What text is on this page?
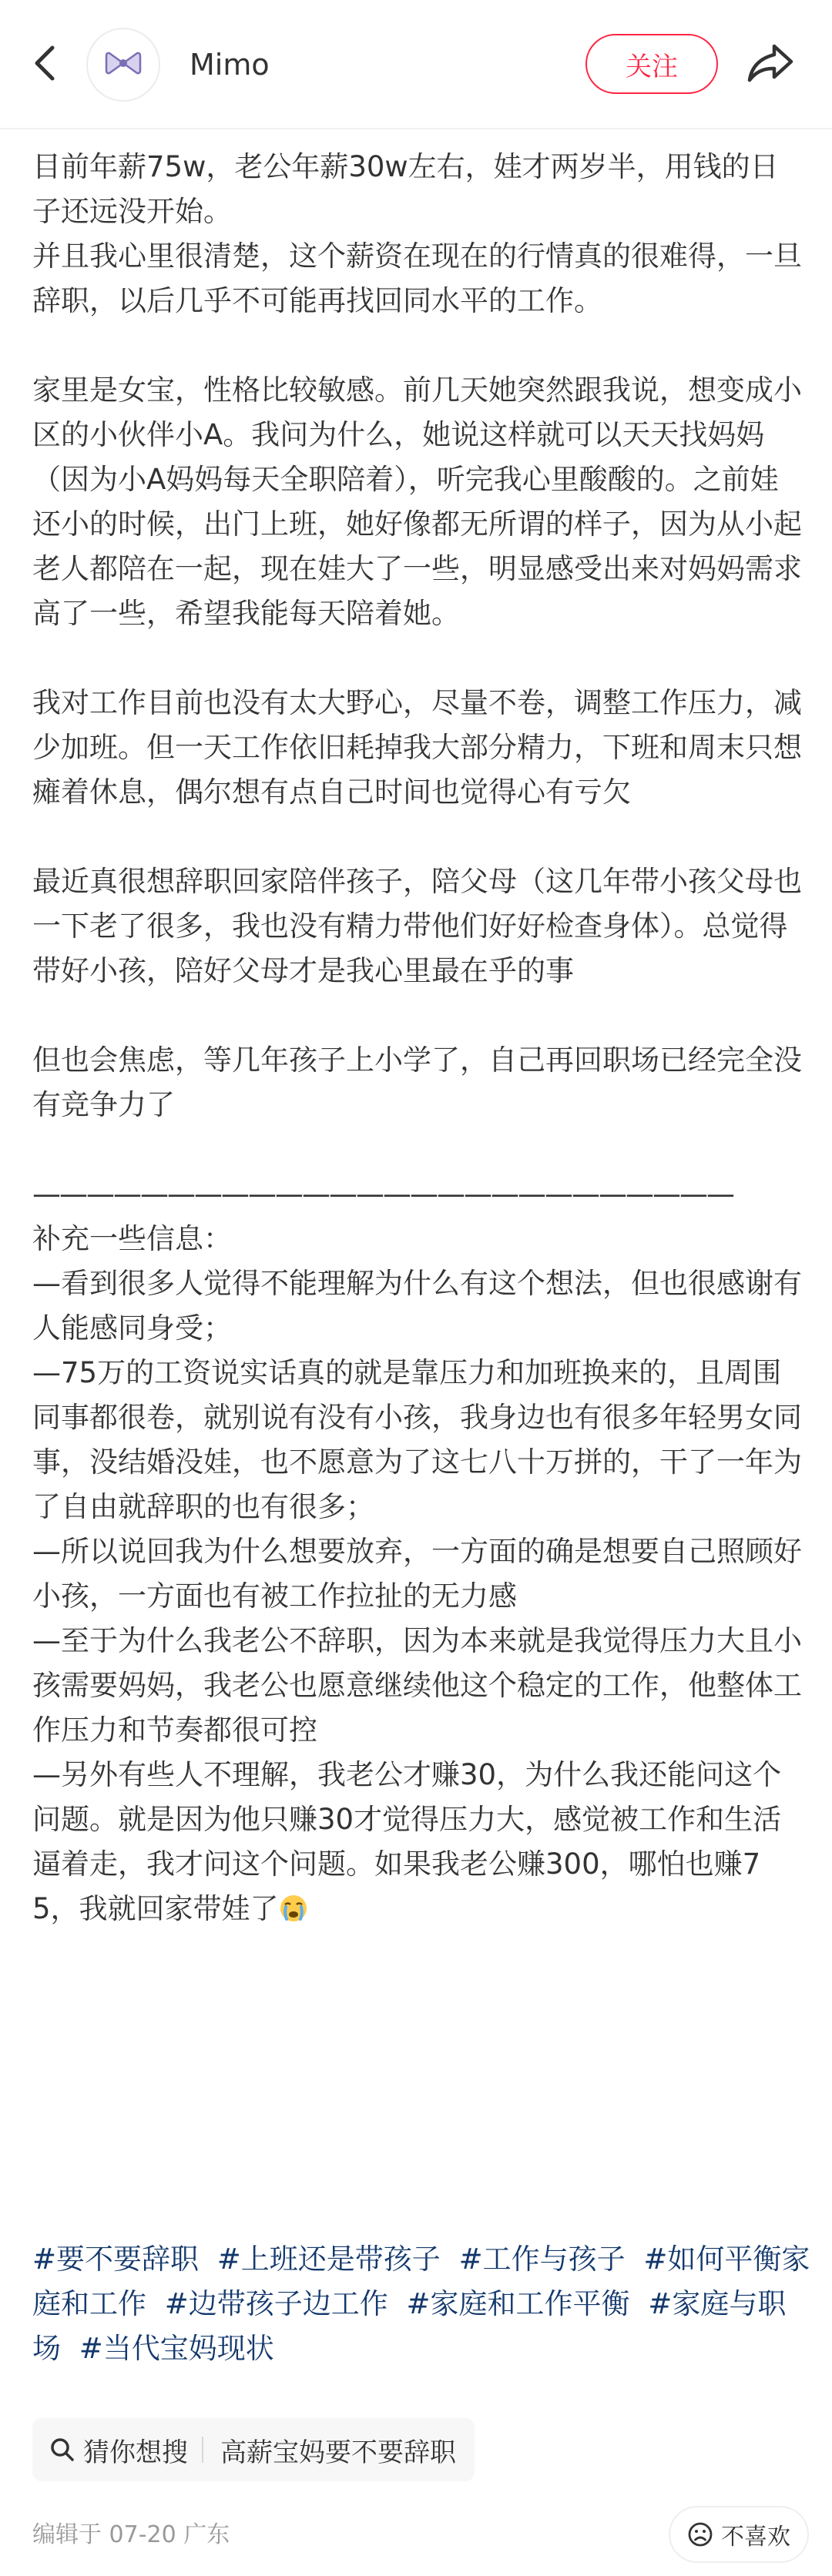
Mimo	关注

目前年薪75w，老公年薪30w左右，娃才两岁半，用钱的日子还远没开始。

并且我心里很清楚，这个薪资在现在的行情真的很难得，一旦辞职，以后几乎不可能再找回同水平的工作。

家里是女宝，性格比较敏感。前几天她突然跟我说，想变成小区的小伙伴小A。我问为什么，她说这样就可以天天找妈妈（因为小A妈妈每天全职陪着），听完我心里酸酸的。之前娃还小的时候，出门上班，她好像都无所谓的样子，因为从小起老人都陪在一起，现在娃大了一些，明显感受出来对妈妈需求高了一些，希望我能每天陪着她。

我对工作目前也没有太大野心，尽量不卷，调整工作压力，减少加班。但一天工作依旧耗掉我大部分精力，下班和周末只想瘫着休息，偶尔想有点自己时间也觉得心有亏欠

最近真很想辞职回家陪伴孩子，陪父母（这几年带小孩父母也一下老了很多，我也没有精力带他们好好检查身体）。总觉得带好小孩，陪好父母才是我心里最在乎的事

但也会焦虑，等几年孩子上小学了，自己再回职场已经完全没有竞争力了

——————————————————————————

补充一些信息：

—看到很多人觉得不能理解为什么有这个想法，但也很感谢有人能感同身受；

—75万的工资说实话真的就是靠压力和加班换来的，且周围同事都很卷，就别说有没有小孩，我身边也有很多年轻男女同事，没结婚没娃，也不愿意为了这七八十万拼的，干了一年为了自由就辞职的也有很多；

—所以说回我为什么想要放弃，一方面的确是想要自己照顾好小孩，一方面也有被工作拉扯的无力感

—至于为什么我老公不辞职，因为本来就是我觉得压力大且小孩需要妈妈，我老公也愿意继续他这个稳定的工作，他整体工作压力和节奏都很可控

—另外有些人不理解，我老公才赚30，为什么我还能问这个问题。就是因为他只赚30才觉得压力大，感觉被工作和生活逼着走，我才问这个问题。如果我老公赚300，哪怕也赚75，我就回家带娃了

#要不要辞职 #上班还是带孩子 #工作与孩子 #如何平衡家庭和工作 #边带孩子边工作 #家庭和工作平衡 #家庭与职场 #当代宝妈现状
猜你想搜 高薪宝妈要不要辞职
编辑于 07-20 广东	不喜欢
